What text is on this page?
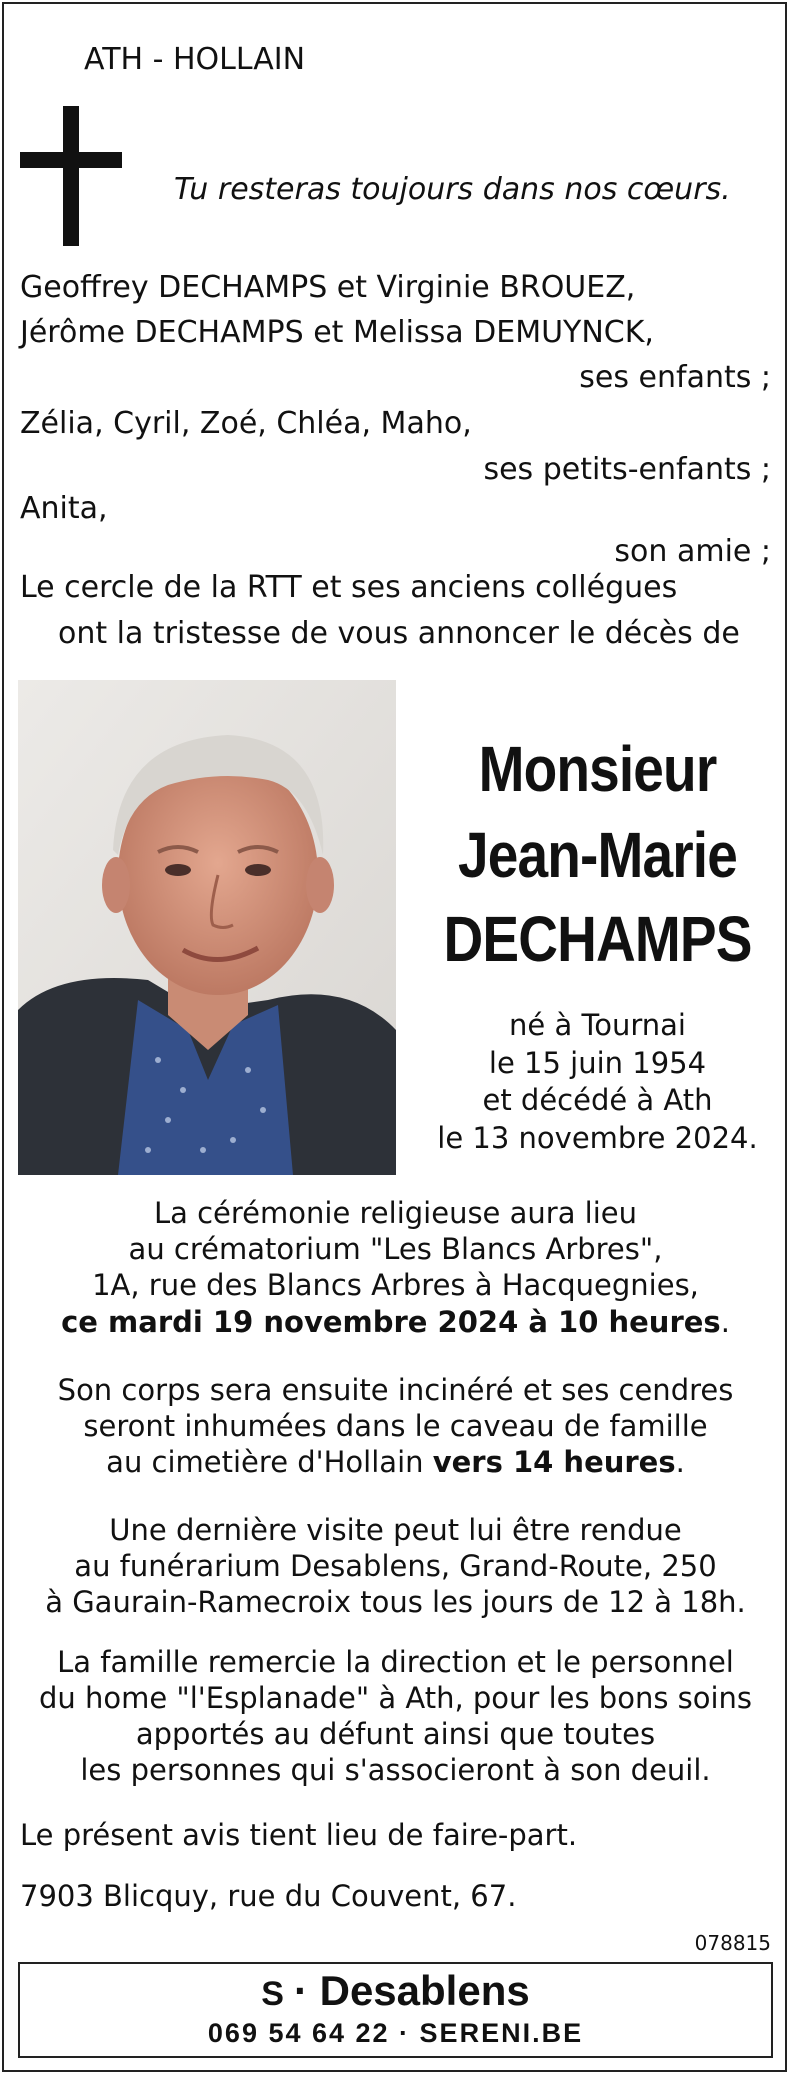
ATH - HOLLAIN
Tu resteras toujours dans nos cœurs.
Geoffrey DECHAMPS et Virginie BROUEZ,
Jérôme DECHAMPS et Melissa DEMUYNCK,
ses enfants ;
Zélia, Cyril, Zoé, Chléa, Maho,
ses petits-enfants ;
Anita,
son amie ;
Le cercle de la RTT et ses anciens collégues
ont la tristesse de vous annoncer le décès de
Monsieur
Jean-Marie
DECHAMPS
né à Tournai
le 15 juin 1954
et décédé à Ath
le 13 novembre 2024.
La cérémonie religieuse aura lieu
au crématorium "Les Blancs Arbres",
1A, rue des Blancs Arbres à Hacquegnies,
ce mardi 19 novembre 2024 à 10 heures.
Son corps sera ensuite incinéré et ses cendres
seront inhumées dans le caveau de famille
au cimetière d'Hollain vers 14 heures.
Une dernière visite peut lui être rendue
au funérarium Desablens, Grand-Route, 250
à Gaurain-Ramecroix tous les jours de 12 à 18h.
La famille remercie la direction et le personnel
du home "l'Esplanade" à Ath, pour les bons soins
apportés au défunt ainsi que toutes
les personnes qui s'associeront à son deuil.
Le présent avis tient lieu de faire-part.
7903 Blicquy, rue du Couvent, 67.
078815
S · Desablens
069 54 64 22 · SERENI.BE
